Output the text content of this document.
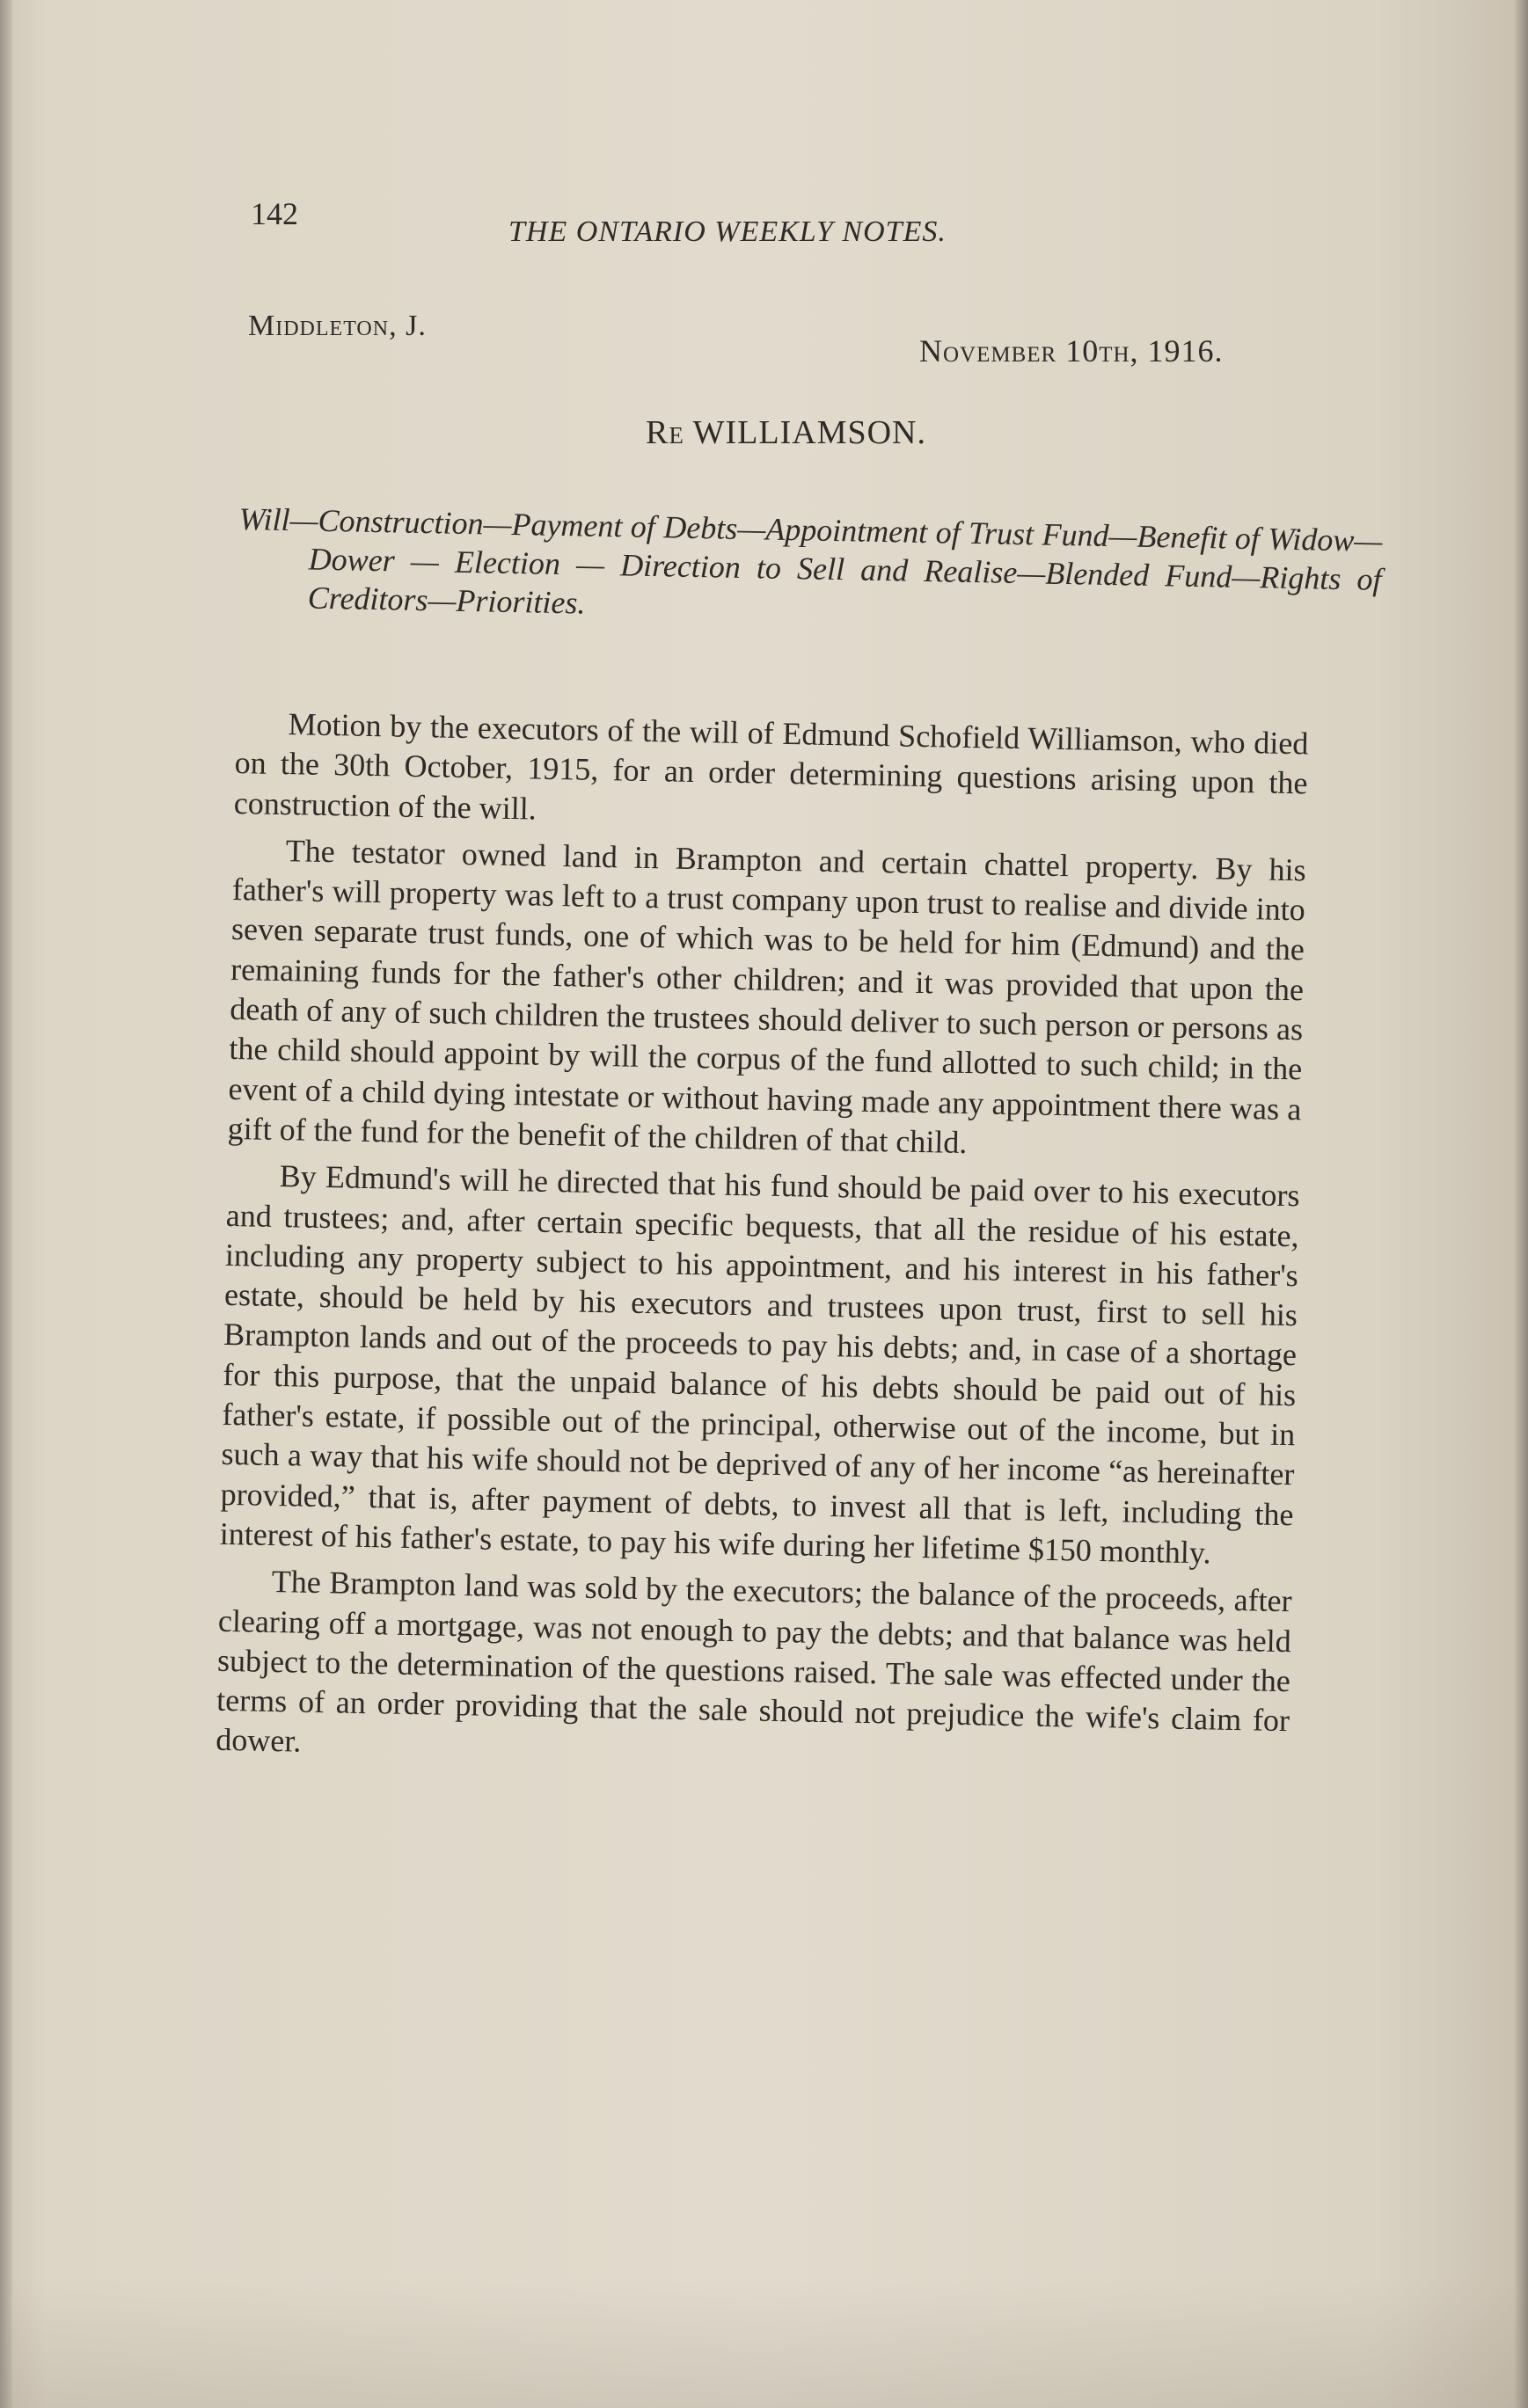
142
THE ONTARIO WEEKLY NOTES.
Middleton, J.
November 10th, 1916.
Re WILLIAMSON.
Will—Construction—Payment of Debts—Appointment of Trust Fund—Benefit of Widow—Dower — Election — Direction to Sell and Realise—Blended Fund—Rights of Creditors—Priorities.

Motion by the executors of the will of Edmund Schofield Williamson, who died on the 30th October, 1915, for an order determining questions arising upon the construction of the will.

The testator owned land in Brampton and certain chattel property. By his father's will property was left to a trust company upon trust to realise and divide into seven separate trust funds, one of which was to be held for him (Edmund) and the remaining funds for the father's other children; and it was provided that upon the death of any of such children the trustees should deliver to such person or persons as the child should appoint by will the corpus of the fund allotted to such child; in the event of a child dying intestate or without having made any appointment there was a gift of the fund for the benefit of the children of that child.

By Edmund's will he directed that his fund should be paid over to his executors and trustees; and, after certain specific bequests, that all the residue of his estate, including any property subject to his appointment, and his interest in his father's estate, should be held by his executors and trustees upon trust, first to sell his Brampton lands and out of the proceeds to pay his debts; and, in case of a shortage for this purpose, that the unpaid balance of his debts should be paid out of his father's estate, if possible out of the principal, otherwise out of the income, but in such a way that his wife should not be deprived of any of her income “as hereinafter provided,” that is, after payment of debts, to invest all that is left, including the interest of his father's estate, to pay his wife during her lifetime $150 monthly.

The Brampton land was sold by the executors; the balance of the proceeds, after clearing off a mortgage, was not enough to pay the debts; and that balance was held subject to the determination of the questions raised. The sale was effected under the terms of an order providing that the sale should not prejudice the wife's claim for dower.
